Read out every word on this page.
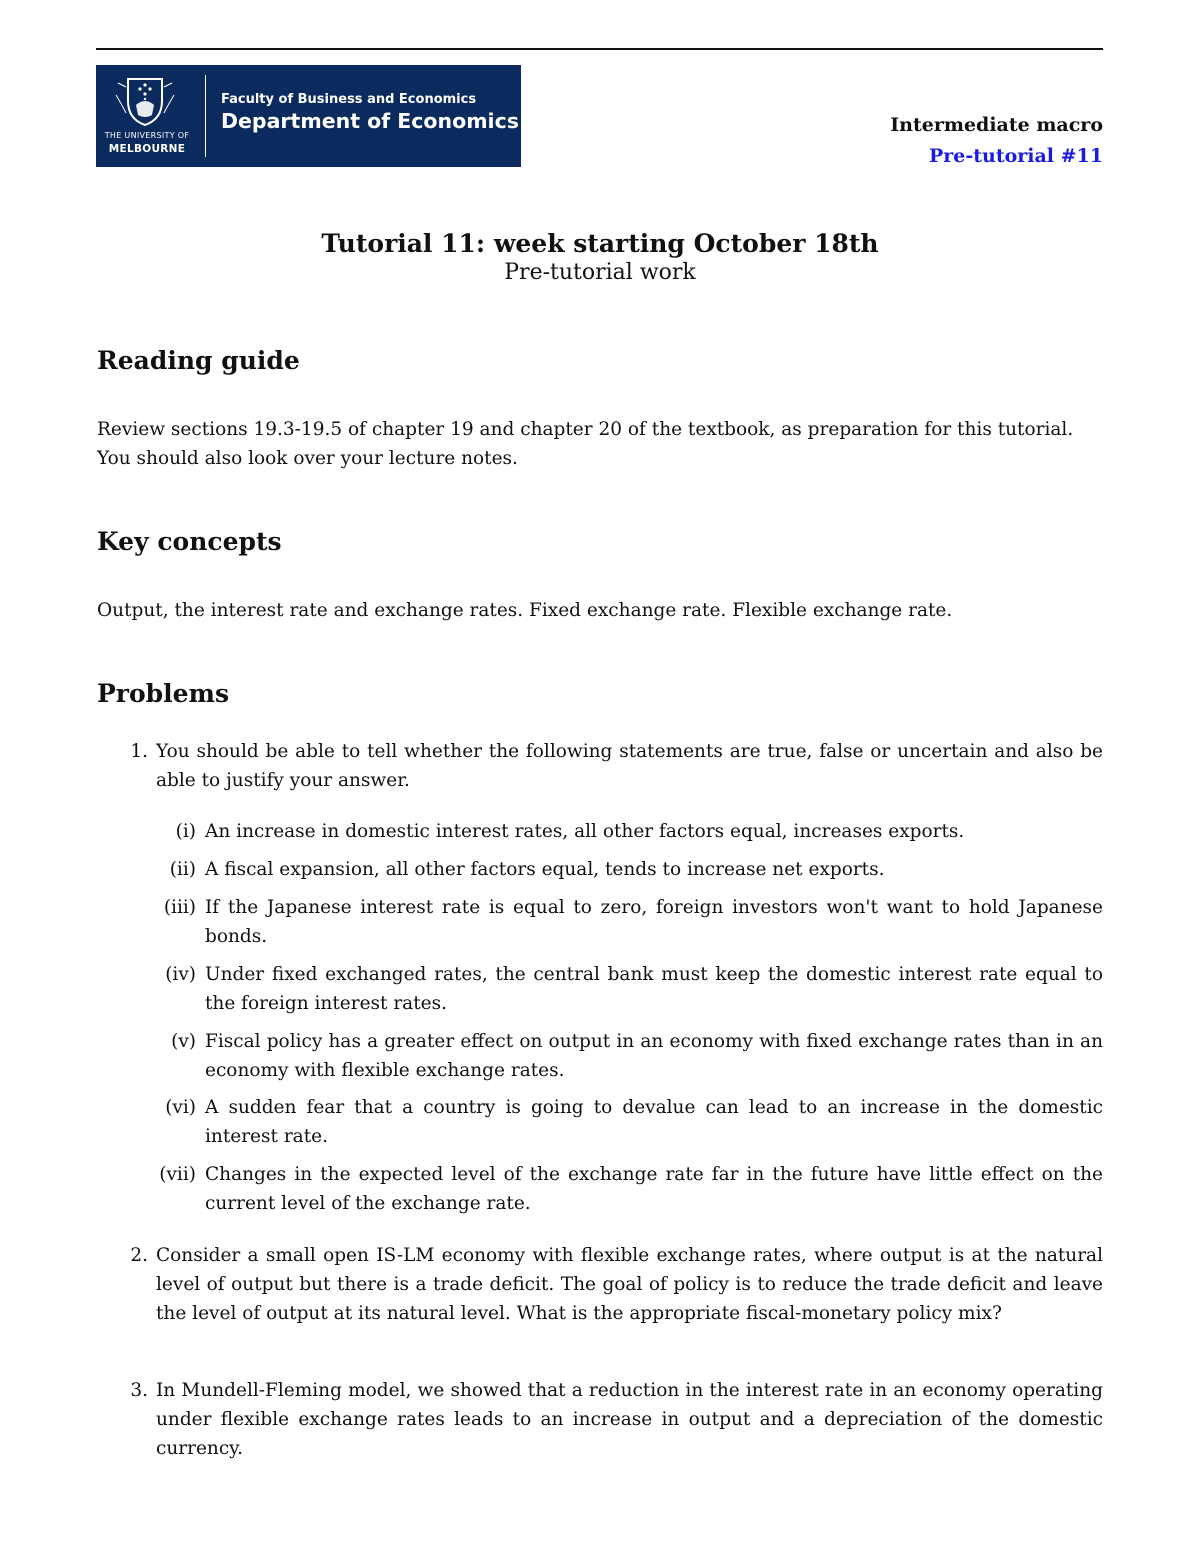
THE UNIVERSITY OF
MELBOURNE
Faculty of Business and Economics
Department of Economics	Intermediate macro
Pre-tutorial #11
Tutorial 11: week starting October 18th
Pre-tutorial work
Reading guide

Review sections 19.3-19.5 of chapter 19 and chapter 20 of the textbook, as preparation for this tutorial. You should also look over your lecture notes.

Key concepts

Output, the interest rate and exchange rates. Fixed exchange rate. Flexible exchange rate.

Problems
1. You should be able to tell whether the following statements are true, false or uncertain and also be able to justify your answer.
(i) An increase in domestic interest rates, all other factors equal, increases exports.
(ii) A fiscal expansion, all other factors equal, tends to increase net exports.
(iii) If the Japanese interest rate is equal to zero, foreign investors won't want to hold Japanese bonds.
(iv) Under fixed exchanged rates, the central bank must keep the domestic interest rate equal to the foreign interest rates.
(v) Fiscal policy has a greater effect on output in an economy with fixed exchange rates than in an economy with flexible exchange rates.
(vi) A sudden fear that a country is going to devalue can lead to an increase in the domestic interest rate.
(vii) Changes in the expected level of the exchange rate far in the future have little effect on the current level of the exchange rate.
2. Consider a small open IS-LM economy with flexible exchange rates, where output is at the natural level of output but there is a trade deficit. The goal of policy is to reduce the trade deficit and leave the level of output at its natural level. What is the appropriate fiscal-monetary policy mix?
3. In Mundell-Fleming model, we showed that a reduction in the interest rate in an economy operating under flexible exchange rates leads to an increase in output and a depreciation of the domestic currency.
